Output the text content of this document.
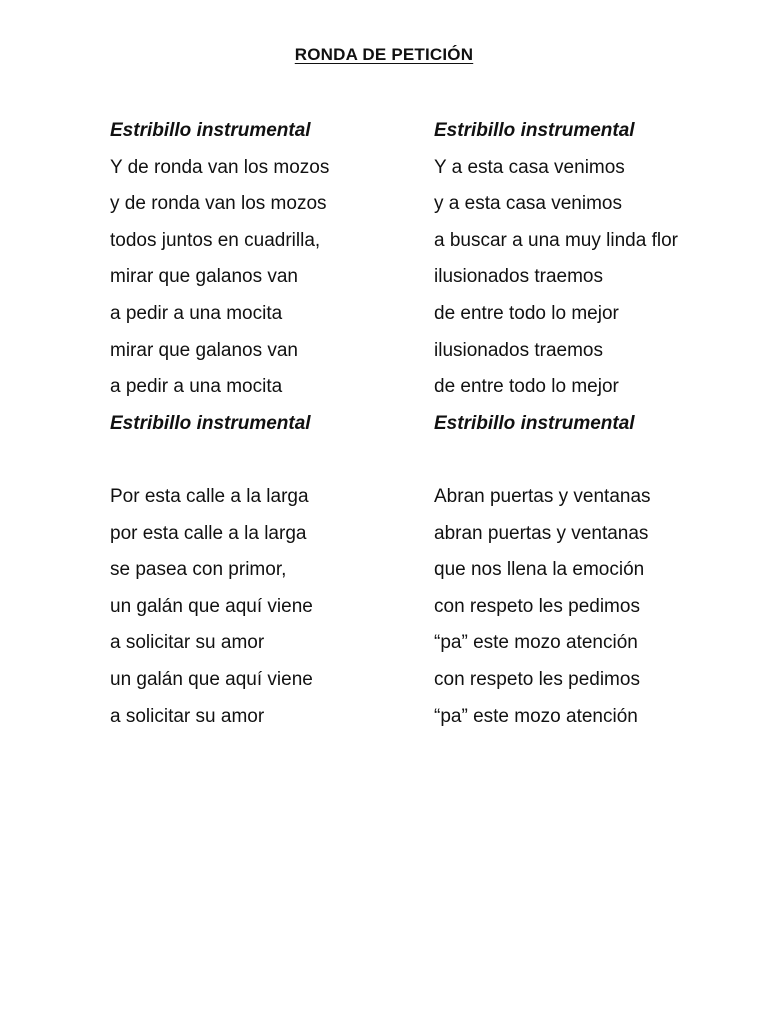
RONDA DE PETICIÓN
Estribillo instrumental
Y de ronda van los mozos
y de ronda van los mozos
todos juntos en cuadrilla,
mirar que galanos van
a pedir a una mocita
mirar que galanos van
a pedir a una mocita
Estribillo instrumental
Por esta calle a la larga
por esta calle a la larga
se pasea con primor,
un galán que aquí viene
a solicitar su amor
un galán que aquí viene
a solicitar su amor
Estribillo instrumental
Y a esta casa venimos
y a esta casa venimos
a buscar a una muy linda flor
ilusionados traemos
de entre todo lo mejor
ilusionados traemos
de entre todo lo mejor
Estribillo instrumental
Abran puertas y ventanas
abran puertas y ventanas
que nos llena la emoción
con respeto les pedimos
“pa” este mozo atención
con respeto les pedimos
“pa” este mozo atención
